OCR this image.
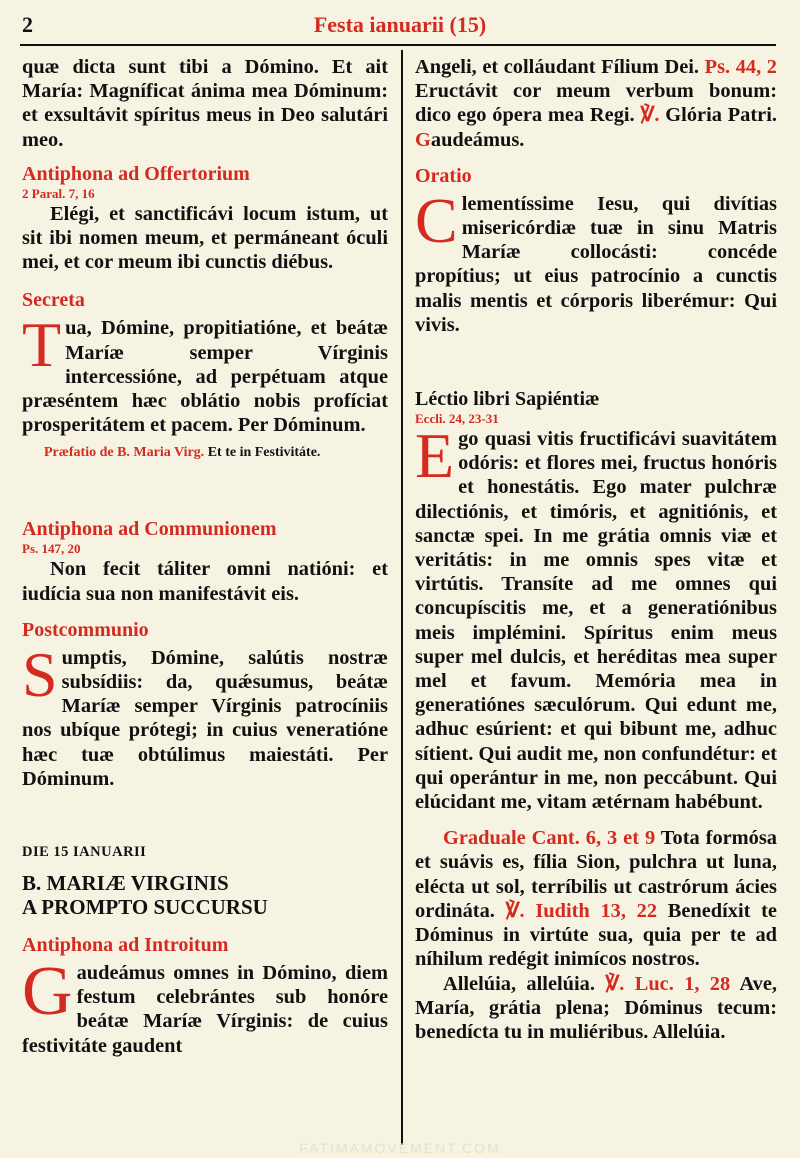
2	Festa ianuarii (15)

quæ dicta sunt tibi a Dómino. Et ait María: Magníficat ánima mea Dóminum: et exsultávit spíritus meus in Deo salutári meo.

Antiphona ad Offertorium

2 Paral. 7, 16

Elégi, et sanctificávi locum istum, ut sit ibi nomen meum, et permáneant óculi mei, et cor meum ibi cunctis diébus.

Secreta

Tua, Dómine, propitiatióne, et beátæ Maríæ semper Vírginis intercessióne, ad perpétuam atque præséntem hæc oblátio nobis profíciat prosperitátem et pacem. Per Dóminum.

Præfatio de B. Maria Virg. Et te in Festivitáte.

Antiphona ad Communionem

Ps. 147, 20

Non fecit táliter omni natióni: et iudícia sua non manifestávit eis.

Postcommunio

Sumptis, Dómine, salútis nostræ subsídiis: da, quǽsumus, beátæ Maríæ semper Vírginis patrocíniis nos ubíque prótegi; in cuius veneratióne hæc tuæ obtúlimus maiestáti. Per Dóminum.

DIE 15 IANUARII

B. MARIÆ VIRGINIS

A PROMPTO SUCCURSU

Antiphona ad Introitum

Gaudeámus omnes in Dómino, diem festum celebrántes sub honóre beátæ Maríæ Vírginis: de cuius festivitáte gaudent

Angeli, et colláudant Fílium Dei. Ps. 44, 2 Eructávit cor meum verbum bonum: dico ego ópera mea Regi. ℣. Glória Patri. Gaudeámus.

Oratio

Clementíssime Iesu, qui divítias misericórdiæ tuæ in sinu Matris Maríæ collocásti: concéde propítius; ut eius patrocínio a cunctis malis mentis et córporis liberémur: Qui vivis.

Léctio libri Sapiéntiæ

Eccli. 24, 23-31

Ego quasi vitis fructificávi suavitátem odóris: et flores mei, fructus honóris et honestátis. Ego mater pulchræ dilectiónis, et timóris, et agnitiónis, et sanctæ spei. In me grátia omnis viæ et veritátis: in me omnis spes vitæ et virtútis. Transíte ad me omnes qui concupíscitis me, et a generatiónibus meis implémini. Spíritus enim meus super mel dulcis, et heréditas mea super mel et favum. Memória mea in generatiónes sæculórum. Qui edunt me, adhuc esúrient: et qui bibunt me, adhuc sítient. Qui audit me, non confundétur: et qui operántur in me, non peccábunt. Qui elúcidant me, vitam ætérnam habébunt.

Graduale Cant. 6, 3 et 9 Tota formósa et suávis es, fília Sion, pulchra ut luna, elécta ut sol, terríbilis ut castrórum ácies ordináta. ℣. Iudith 13, 22 Benedíxit te Dóminus in virtúte sua, quia per te ad níhilum redégit inimícos nostros.

Allelúia, allelúia. ℣. Luc. 1, 28 Ave, María, grátia plena; Dóminus tecum: benedícta tu in muliéribus. Allelúia.

FATIMAMOVEMENT.COM
